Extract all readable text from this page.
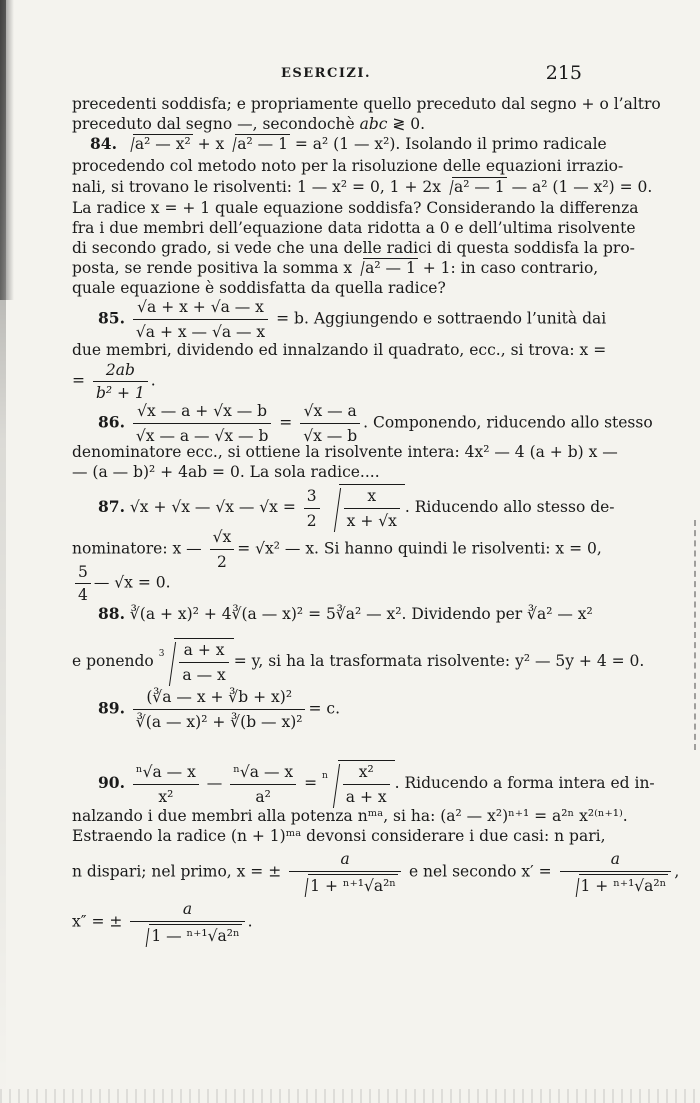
ESERCIZI.	215
precedenti soddisfa; e propriamente quello preceduto dal segno + o l’altro
preceduto dal segno —, secondochè abc ≷ 0.
84. a² — x² + x a² — 1 = a² (1 — x²). Isolando il primo radicale
procedendo col metodo noto per la risoluzione delle equazioni irrazio-
nali, si trovano le risolventi: 1 — x² = 0, 1 + 2x a² — 1 — a² (1 — x²) = 0.
La radice x = + 1 quale equazione soddisfa? Considerando la differenza
fra i due membri dell’equazione data ridotta a 0 e dell’ultima risolvente
di secondo grado, si vede che una delle radici di questa soddisfa la pro-
posta, se rende positiva la somma x a² — 1 + 1: in caso contrario,
quale equazione è soddisfatta da quella radice?
85. $\frac{√a + x + √a — x}{√a + x — √a — x} = b$. Aggiungendo e sottraendo l’unità dai
due membri, dividendo ed innalzando il quadrato, ecc., si trova: x =
= $\frac{2ab}{\text{b² + 1}}$ .
86. $\frac{√x — a + √x — b}{√x — a — √x — b} = \frac{√x — a}{√x — b}$ . Componendo, riducendo allo stesso
denominatore ecc., si ottiene la risolvente intera: 4x² — 4 (a + b) x —
— (a — b)² + 4ab = 0. La sola radice....
87. √x + √x — √x — $√x = \frac{3}{2} \frac{x}{x + √x}$ . Riducendo allo stesso de-
nominatore: x — $\frac{√x}{2} = √x^2$ — x. Si hanno quindi le risolventi: x = 0,
$\frac{5}{4}$ — √x = 0.
88. ∛(a + x)² + 4∛(a — x)² = 5∛a² — x². Dividendo per ∛a² — x²
e ponendo $^3 \frac{a + x}{a — x} = y$, si ha la trasformata risolvente: y² — 5y + 4 = 0.
89. $\frac{\text{(∛a — x + ∛b + x)²}}{\text{∛(a — x)² + ∛(b — x)²}} = c$.
90. $\frac{\text{ⁿ√a — x}}{\text{x²}}$ — $\frac{\text{ⁿ√a — x}}{\text{a²}} = ^n \frac{\text{x²}}{a + x}$ . Riducendo a forma intera ed in-
nalzando i due membri alla potenza nᵐᵃ, si ha: (a² — x²)ⁿ⁺¹ = a²ⁿ x²⁽ⁿ⁺¹⁾.
Estraendo la radice (n + 1)ᵐᵃ devonsi considerare i due casi: n pari,
n dispari; nel primo, x = ± $\frac{a}{\text{1 + ⁿ⁺¹√a²ⁿ}}$ e nel secondo $x' = \frac{a}{\text{1 + ⁿ⁺¹√a²ⁿ}}$ ,
x″ = ± $\frac{a}{\text{1 — ⁿ⁺¹√a²ⁿ}}$ .
